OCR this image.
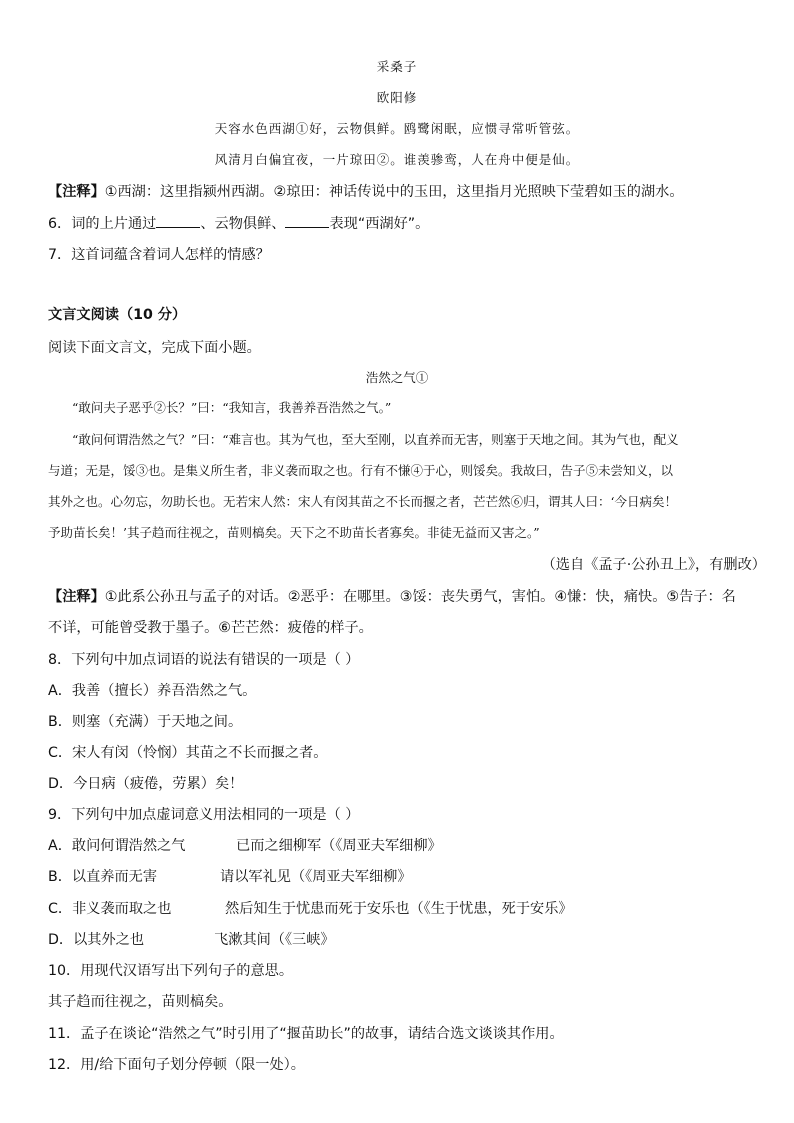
采桑子
欧阳修
天容水色西湖①好，云物俱鲜。鸥鹭闲眠，应惯寻常听管弦。
风清月白偏宜夜，一片琼田②。谁羡骖鸾，人在舟中便是仙。
【注释】①西湖：这里指颍州西湖。②琼田：神话传说中的玉田，这里指月光照映下莹碧如玉的湖水。
6．词的上片通过	、云物俱鲜、	表现“西湖好”。
7．这首词蕴含着词人怎样的情感？
文言文阅读（10 分）
阅读下面文言文，完成下面小题。
浩然之气①
“敢问夫子恶乎②长？”曰：“我知言，我善养吾浩然之气。”
“敢问何谓浩然之气？”曰：“难言也。其为气也，至大至刚，以直养而无害，则塞于天地之间。其为气也，配义
与道；无是，馁③也。是集义所生者，非义袭而取之也。行有不慊④于心，则馁矣。我故曰，告子⑤未尝知义，以
其外之也。心勿忘，勿助长也。无若宋人然：宋人有闵其苗之不长而揠之者，芒芒然⑥归，谓其人曰：‘今日病矣！
予助苗长矣！’其子趋而往视之，苗则槁矣。天下之不助苗长者寡矣。非徒无益而又害之。”
（选自《孟子·公孙丑上》，有删改）
【注释】①此系公孙丑与孟子的对话。②恶乎：在哪里。③馁：丧失勇气，害怕。④慊：快，痛快。⑤告子：名
不详，可能曾受教于墨子。⑥芒芒然：疲倦的样子。
8．下列句中加点词语的说法有错误的一项是（ ）
A．我善（擅长）养吾浩然之气。
B．则塞（充满）于天地之间。
C．宋人有闵（怜悯）其苗之不长而揠之者。
D．今日病（疲倦，劳累）矣！
9．下列句中加点虚词意义用法相同的一项是（ ）
A．敢问何谓浩然之气	已而之细柳军（《周亚夫军细柳》
B．以直养而无害	请以军礼见（《周亚夫军细柳》
C．非义袭而取之也	然后知生于忧患而死于安乐也（《生于忧患，死于安乐》
D．以其外之也	飞漱其间（《三峡》
10．用现代汉语写出下列句子的意思。
其子趋而往视之，苗则槁矣。
11．孟子在谈论“浩然之气”时引用了“揠苗助长”的故事，请结合选文谈谈其作用。
12．用/给下面句子划分停顿（限一处）。
